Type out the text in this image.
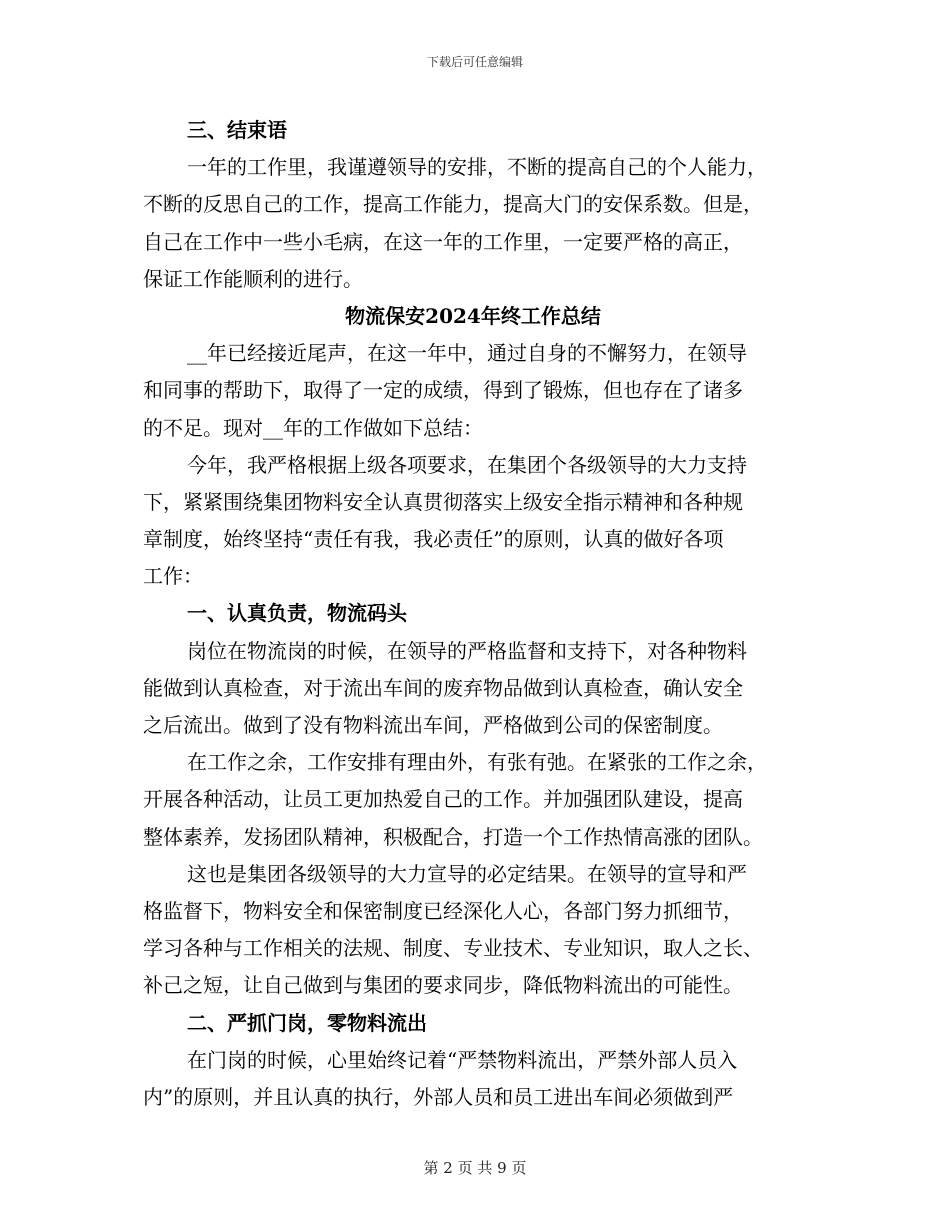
下载后可任意编辑
三、结束语
一年的工作里，我谨遵领导的安排，不断的提高自己的个人能力，
不断的反思自己的工作，提高工作能力，提高大门的安保系数。但是，
自己在工作中一些小毛病，在这一年的工作里，一定要严格的高正，
保证工作能顺利的进行。
物流保安2024年终工作总结
__年已经接近尾声，在这一年中，通过自身的不懈努力，在领导
和同事的帮助下，取得了一定的成绩，得到了锻炼，但也存在了诸多
的不足。现对__年的工作做如下总结：
今年，我严格根据上级各项要求，在集团个各级领导的大力支持
下，紧紧围绕集团物料安全认真贯彻落实上级安全指示精神和各种规
章制度，始终坚持“责任有我，我必责任”的原则，认真的做好各项
工作：
一、认真负责，物流码头
岗位在物流岗的时候，在领导的严格监督和支持下，对各种物料
能做到认真检查，对于流出车间的废弃物品做到认真检查，确认安全
之后流出。做到了没有物料流出车间，严格做到公司的保密制度。
在工作之余，工作安排有理由外，有张有弛。在紧张的工作之余，
开展各种活动，让员工更加热爱自己的工作。并加强团队建设，提高
整体素养，发扬团队精神，积极配合，打造一个工作热情高涨的团队。
这也是集团各级领导的大力宣导的必定结果。在领导的宣导和严
格监督下，物料安全和保密制度已经深化人心，各部门努力抓细节，
学习各种与工作相关的法规、制度、专业技术、专业知识，取人之长、
补己之短，让自己做到与集团的要求同步，降低物料流出的可能性。
二、严抓门岗，零物料流出
在门岗的时候，心里始终记着“严禁物料流出，严禁外部人员入
内”的原则，并且认真的执行，外部人员和员工进出车间必须做到严
第 2 页 共 9 页
